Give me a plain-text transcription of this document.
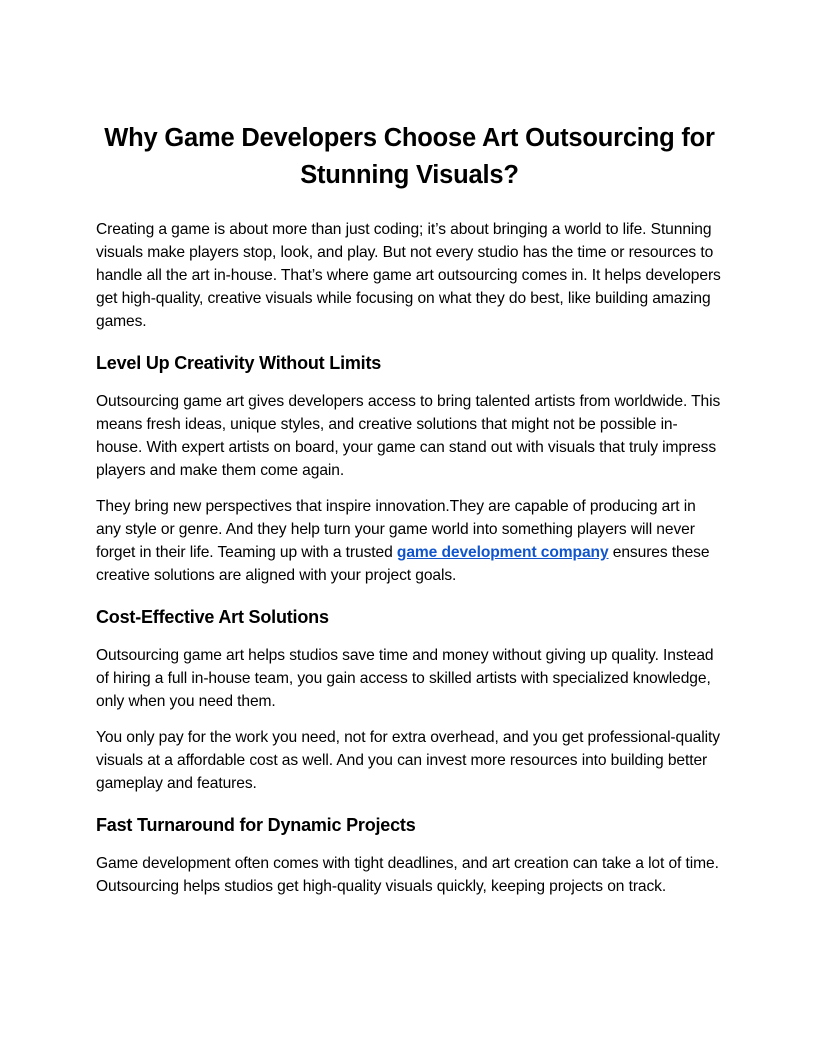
Why Game Developers Choose Art Outsourcing for Stunning Visuals?

Creating a game is about more than just coding; it’s about bringing a world to life. Stunning visuals make players stop, look, and play. But not every studio has the time or resources to handle all the art in-house. That’s where game art outsourcing comes in. It helps developers get high-quality, creative visuals while focusing on what they do best, like building amazing games.

Level Up Creativity Without Limits

Outsourcing game art gives developers access to bring talented artists from worldwide. This means fresh ideas, unique styles, and creative solutions that might not be possible in-house. With expert artists on board, your game can stand out with visuals that truly impress players and make them come again.

They bring new perspectives that inspire innovation.They are capable of producing art in any style or genre. And they help turn your game world into something players will never forget in their life. Teaming up with a trusted game development company ensures these creative solutions are aligned with your project goals.

Cost-Effective Art Solutions

Outsourcing game art helps studios save time and money without giving up quality. Instead of hiring a full in-house team, you gain access to skilled artists with specialized knowledge, only when you need them.

You only pay for the work you need, not for extra overhead, and you get professional-quality visuals at a affordable cost as well. And you can invest more resources into building better gameplay and features.

Fast Turnaround for Dynamic Projects

Game development often comes with tight deadlines, and art creation can take a lot of time. Outsourcing helps studios get high-quality visuals quickly, keeping projects on track.
